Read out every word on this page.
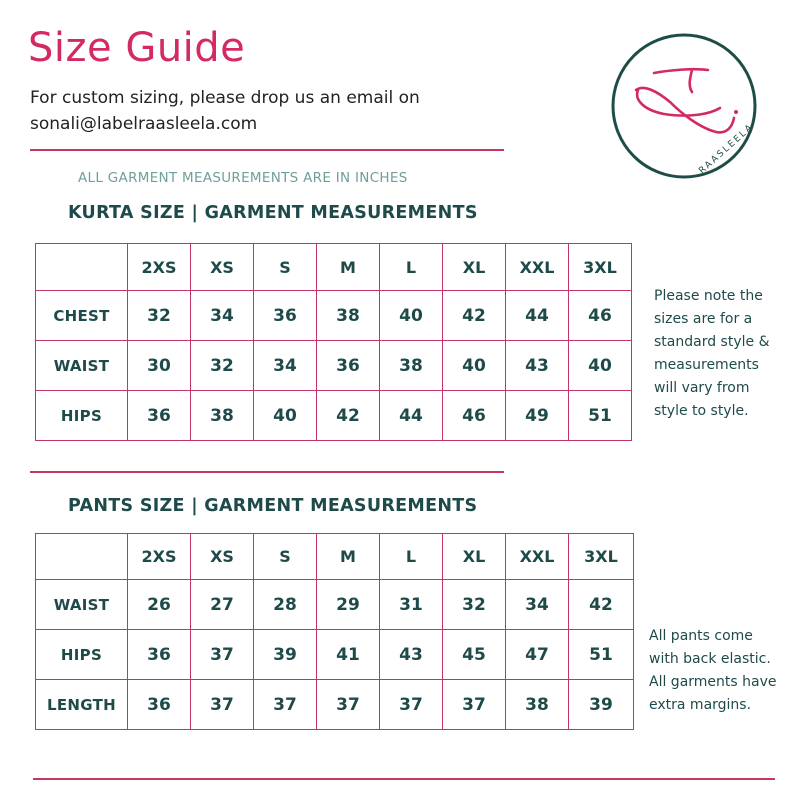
Size Guide
For custom sizing, please drop us an email on
sonali@labelraasleela.com
ALL GARMENT MEASUREMENTS ARE IN INCHES
RAASLEELA
KURTA SIZE | GARMENT MEASUREMENTS
	2XS	XS	S	M	L	XL	XXL	3XL
CHEST	32	34	36	38	40	42	44	46
WAIST	30	32	34	36	38	40	43	40
HIPS	36	38	40	42	44	46	49	51
Please note the
sizes are for a
standard style &
measurements
will vary from
style to style.
PANTS SIZE | GARMENT MEASUREMENTS
	2XS	XS	S	M	L	XL	XXL	3XL
WAIST	26	27	28	29	31	32	34	42
HIPS	36	37	39	41	43	45	47	51
LENGTH	36	37	37	37	37	37	38	39
All pants come
with back elastic.
All garments have
extra margins.
